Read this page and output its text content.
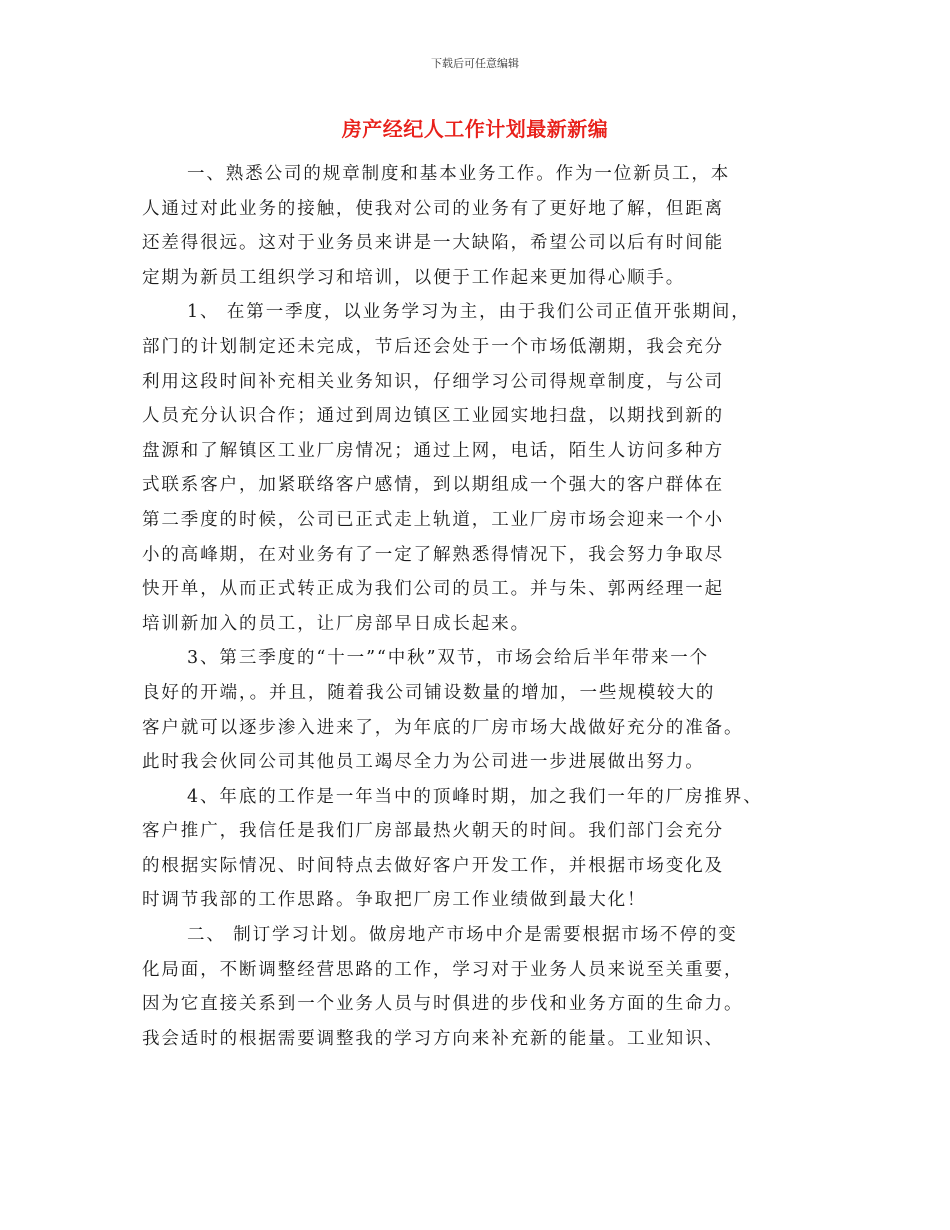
下载后可任意编辑
房产经纪人工作计划最新新编
一、熟悉公司的规章制度和基本业务工作。作为一位新员工，本
人通过对此业务的接触，使我对公司的业务有了更好地了解，但距离
还差得很远。这对于业务员来讲是一大缺陷，希望公司以后有时间能
定期为新员工组织学习和培训，以便于工作起来更加得心顺手。
1、 在第一季度，以业务学习为主，由于我们公司正值开张期间，
部门的计划制定还未完成，节后还会处于一个市场低潮期，我会充分
利用这段时间补充相关业务知识，仔细学习公司得规章制度，与公司
人员充分认识合作；通过到周边镇区工业园实地扫盘，以期找到新的
盘源和了解镇区工业厂房情况；通过上网，电话，陌生人访问多种方
式联系客户，加紧联络客户感情，到以期组成一个强大的客户群体在
第二季度的时候，公司已正式走上轨道，工业厂房市场会迎来一个小
小的高峰期，在对业务有了一定了解熟悉得情况下，我会努力争取尽
快开单，从而正式转正成为我们公司的员工。并与朱、郭两经理一起
培训新加入的员工，让厂房部早日成长起来。
3、第三季度的“十一”“中秋”双节，市场会给后半年带来一个
良好的开端，。并且，随着我公司铺设数量的增加，一些规模较大的
客户就可以逐步渗入进来了，为年底的厂房市场大战做好充分的准备。
此时我会伙同公司其他员工竭尽全力为公司进一步进展做出努力。
4、年底的工作是一年当中的顶峰时期，加之我们一年的厂房推界、
客户推广，我信任是我们厂房部最热火朝天的时间。我们部门会充分
的根据实际情况、时间特点去做好客户开发工作，并根据市场变化及
时调节我部的工作思路。争取把厂房工作业绩做到最大化！
二、 制订学习计划。做房地产市场中介是需要根据市场不停的变
化局面，不断调整经营思路的工作，学习对于业务人员来说至关重要，
因为它直接关系到一个业务人员与时俱进的步伐和业务方面的生命力。
我会适时的根据需要调整我的学习方向来补充新的能量。工业知识、
